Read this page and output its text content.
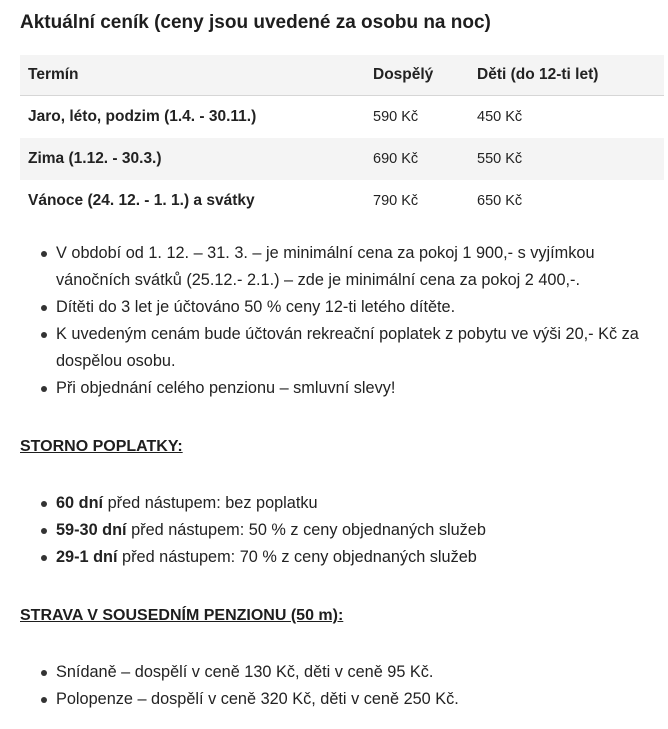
Aktuální ceník (ceny jsou uvedené za osobu na noc)
Termín	Dospělý	Děti (do 12-ti let)
Jaro, léto, podzim (1.4. - 30.11.)	590 Kč	450 Kč
Zima (1.12. - 30.3.)	690 Kč	550 Kč
Vánoce (24. 12. - 1. 1.) a svátky	790 Kč	650 Kč
V období od 1. 12. – 31. 3. – je minimální cena za pokoj 1 900,- s vyjímkou vánočních svátků (25.12.- 2.1.) – zde je minimální cena za pokoj 2 400,-.
Dítěti do 3 let je účtováno 50 % ceny 12-ti letého dítěte.
K uvedeným cenám bude účtován rekreační poplatek z pobytu ve výši 20,- Kč za dospělou osobu.
Při objednání celého penzionu – smluvní slevy!
STORNO POPLATKY:
60 dní před nástupem: bez poplatku
59-30 dní před nástupem: 50 % z ceny objednaných služeb
29-1 dní před nástupem: 70 % z ceny objednaných služeb
STRAVA V SOUSEDNÍM PENZIONU (50 m):
Snídaně – dospělí v ceně 130 Kč, děti v ceně 95 Kč.
Polopenze – dospělí v ceně 320 Kč, děti v ceně 250 Kč.
